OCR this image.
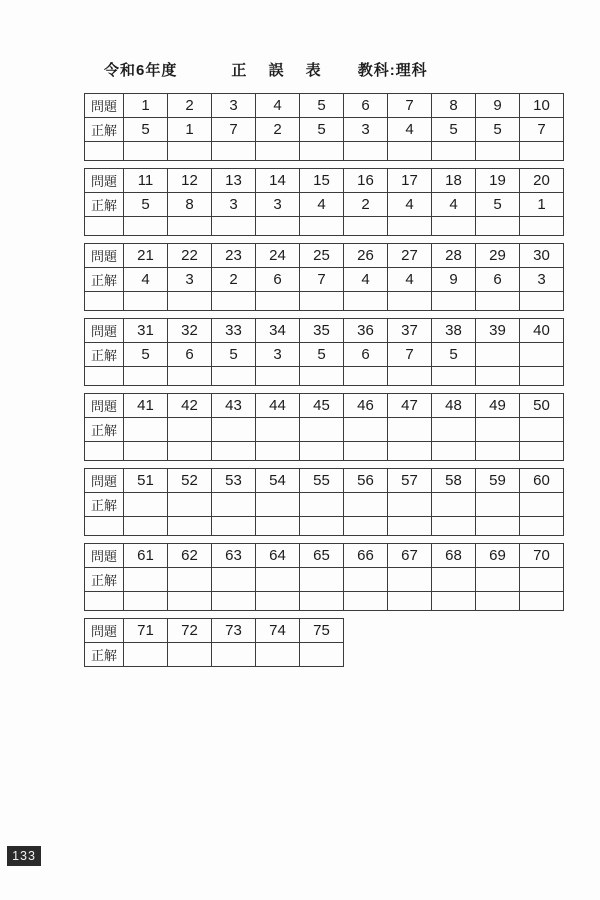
令和6年度	正 誤 表 教科:理科
問題	1	2	3	4	5	6	7	8	9	10
正解	5	1	7	2	5	3	4	5	5	7

問題	11	12	13	14	15	16	17	18	19	20
正解	5	8	3	3	4	2	4	4	5	1

問題	21	22	23	24	25	26	27	28	29	30
正解	4	3	2	6	7	4	4	9	6	3

問題	31	32	33	34	35	36	37	38	39	40
正解	5	6	5	3	5	6	7	5		

問題	41	42	43	44	45	46	47	48	49	50
正解										

問題	51	52	53	54	55	56	57	58	59	60
正解										

問題	61	62	63	64	65	66	67	68	69	70
正解										

問題	71	72	73	74	75
正解					
133
